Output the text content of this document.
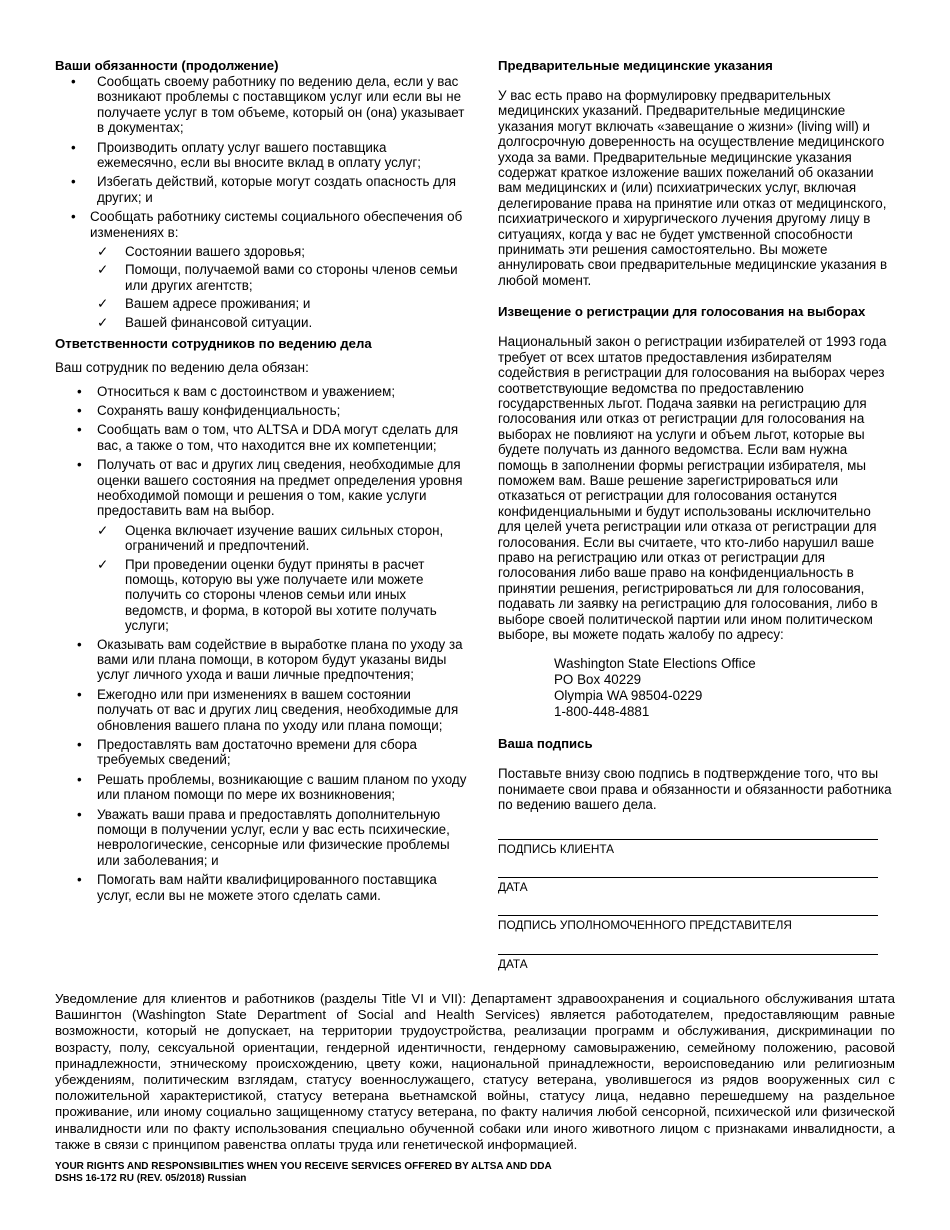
Ваши обязанности (продолжение)
• Сообщать своему работнику по ведению дела, если у вас возникают проблемы с поставщиком услуг или если вы не получаете услуг в том объеме, который он (она) указывает в документах;
• Производить оплату услуг вашего поставщика ежемесячно, если вы вносите вклад в оплату услуг;
• Избегать действий, которые могут создать опасность для других; и
• Сообщать работнику системы социального обеспечения об изменениях в:
✓ Состоянии вашего здоровья;
✓ Помощи, получаемой вами со стороны членов семьи или других агентств;
✓ Вашем адресе проживания; и
✓ Вашей финансовой ситуации.
Ответственности сотрудников по ведению дела

Ваш сотрудник по ведению дела обязан:

• Относиться к вам с достоинством и уважением;
• Сохранять вашу конфиденциальность;
• Сообщать вам о том, что ALTSA и DDA могут сделать для вас, а также о том, что находится вне их компетенции;
• Получать от вас и других лиц сведения, необходимые для оценки вашего состояния на предмет определения уровня необходимой помощи и решения о том, какие услуги предоставить вам на выбор.
✓ Оценка включает изучение ваших сильных сторон, ограничений и предпочтений.
✓ При проведении оценки будут приняты в расчет помощь, которую вы уже получаете или можете получить со стороны членов семьи или иных ведомств, и форма, в которой вы хотите получать услуги;
• Оказывать вам содействие в выработке плана по уходу за вами или плана помощи, в котором будут указаны виды услуг личного ухода и ваши личные предпочтения;
• Ежегодно или при изменениях в вашем состоянии получать от вас и других лиц сведения, необходимые для обновления вашего плана по уходу или плана помощи;
• Предоставлять вам достаточно времени для сбора требуемых сведений;
• Решать проблемы, возникающие с вашим планом по уходу или планом помощи по мере их возникновения;
• Уважать ваши права и предоставлять дополнительную помощи в получении услуг, если у вас есть психические, неврологические, сенсорные или физические проблемы или заболевания; и
• Помогать вам найти квалифицированного поставщика услуг, если вы не можете этого сделать сами.
Предварительные медицинские указания

У вас есть право на формулировку предварительных медицинских указаний. Предварительные медицинские указания могут включать «завещание о жизни» (living will) и долгосрочную доверенность на осуществление медицинского ухода за вами. Предварительные медицинские указания содержат краткое изложение ваших пожеланий об оказании вам медицинских и (или) психиатрических услуг, включая делегирование права на принятие или отказ от медицинского, психиатрического и хирургического лучения другому лицу в ситуациях, когда у вас не будет умственной способности принимать эти решения самостоятельно. Вы можете аннулировать свои предварительные медицинские указания в любой момент.

Извещение о регистрации для голосования на выборах

Национальный закон о регистрации избирателей от 1993 года требует от всех штатов предоставления избирателям содействия в регистрации для голосования на выборах через соответствующие ведомства по предоставлению государственных льгот. Подача заявки на регистрацию для голосования или отказ от регистрации для голосования на выборах не повлияют на услуги и объем льгот, которые вы будете получать из данного ведомства. Если вам нужна помощь в заполнении формы регистрации избирателя, мы поможем вам. Ваше решение зарегистрироваться или отказаться от регистрации для голосования останутся конфиденциальными и будут использованы исключительно для целей учета регистрации или отказа от регистрации для голосования. Если вы считаете, что кто-либо нарушил ваше право на регистрацию или отказ от регистрации для голосования либо ваше право на конфиденциальность в принятии решения, регистрироваться ли для голосования, подавать ли заявку на регистрацию для голосования, либо в выборе своей политической партии или ином политическом выборе, вы можете подать жалобу по адресу:

Washington State Elections Office
PO Box 40229
Olympia WA 98504-0229
1-800-448-4881
Ваша подпись

Поставьте внизу свою подпись в подтверждение того, что вы понимаете свои права и обязанности и обязанности работника по ведению вашего дела.

ПОДПИСЬ КЛИЕНТА
ДАТА
ПОДПИСЬ УПОЛНОМОЧЕННОГО ПРЕДСТАВИТЕЛЯ
ДАТА

Уведомление для клиентов и работников (разделы Title VI и VII): Департамент здравоохранения и социального обслуживания штата Вашингтон (Washington State Department of Social and Health Services) является работодателем, предоставляющим равные возможности, который не допускает, на территории трудоустройства, реализации программ и обслуживания, дискриминации по возрасту, полу, сексуальной ориентации, гендерной идентичности, гендерному самовыражению, семейному положению, расовой принадлежности, этническому происхождению, цвету кожи, национальной принадлежности, вероисповеданию или религиозным убеждениям, политическим взглядам, статусу военнослужащего, статусу ветерана, уволившегося из рядов вооруженных сил с положительной характеристикой, статусу ветерана вьетнамской войны, статусу лица, недавно перешедшему на раздельное проживание, или иному социально защищенному статусу ветерана, по факту наличия любой сенсорной, психической или физической инвалидности или по факту использования специально обученной собаки или иного животного лицом с признаками инвалидности, а также в связи с принципом равенства оплаты труда или генетической информацией.

YOUR RIGHTS AND RESPONSIBILITIES WHEN YOU RECEIVE SERVICES OFFERED BY ALTSA AND DDA
DSHS 16-172 RU (REV. 05/2018) Russian
